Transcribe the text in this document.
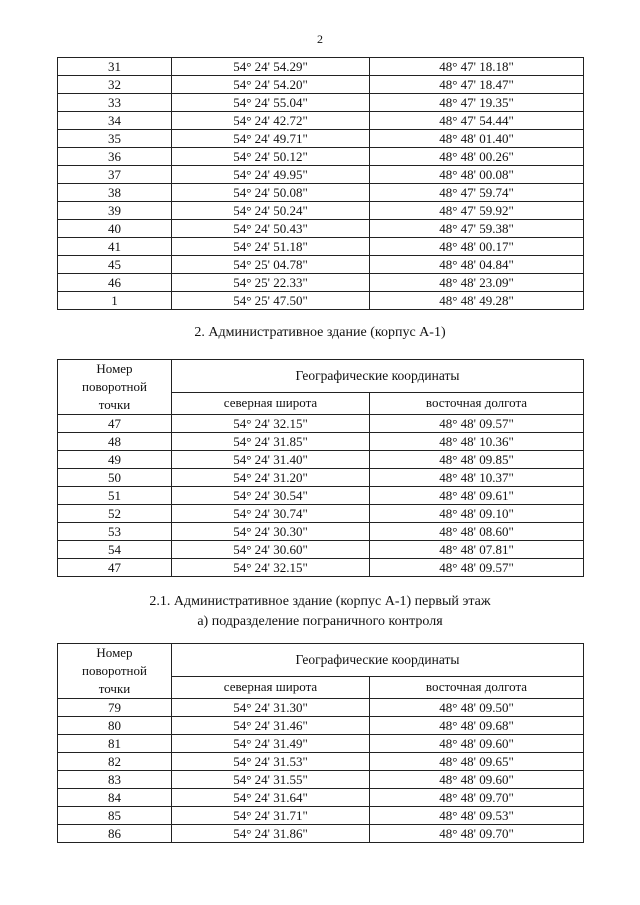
2
31	54° 24' 54.29"	48° 47' 18.18"
32	54° 24' 54.20"	48° 47' 18.47"
33	54° 24' 55.04"	48° 47' 19.35"
34	54° 24' 42.72"	48° 47' 54.44"
35	54° 24' 49.71"	48° 48' 01.40"
36	54° 24' 50.12"	48° 48' 00.26"
37	54° 24' 49.95"	48° 48' 00.08"
38	54° 24' 50.08"	48° 47' 59.74"
39	54° 24' 50.24"	48° 47' 59.92"
40	54° 24' 50.43"	48° 47' 59.38"
41	54° 24' 51.18"	48° 48' 00.17"
45	54° 25' 04.78"	48° 48' 04.84"
46	54° 25' 22.33"	48° 48' 23.09"
1	54° 25' 47.50"	48° 48' 49.28"
2. Административное здание (корпус А-1)
Номер
поворотной
точки	Географические координаты	
	северная широта	восточная долгота
47	54° 24' 32.15"	48° 48' 09.57"
48	54° 24' 31.85"	48° 48' 10.36"
49	54° 24' 31.40"	48° 48' 09.85"
50	54° 24' 31.20"	48° 48' 10.37"
51	54° 24' 30.54"	48° 48' 09.61"
52	54° 24' 30.74"	48° 48' 09.10"
53	54° 24' 30.30"	48° 48' 08.60"
54	54° 24' 30.60"	48° 48' 07.81"
47	54° 24' 32.15"	48° 48' 09.57"
2.1. Административное здание (корпус А-1) первый этаж
а) подразделение пограничного контроля
Номер
поворотной
точки	Географические координаты	
	северная широта	восточная долгота
79	54° 24' 31.30"	48° 48' 09.50"
80	54° 24' 31.46"	48° 48' 09.68"
81	54° 24' 31.49"	48° 48' 09.60"
82	54° 24' 31.53"	48° 48' 09.65"
83	54° 24' 31.55"	48° 48' 09.60"
84	54° 24' 31.64"	48° 48' 09.70"
85	54° 24' 31.71"	48° 48' 09.53"
86	54° 24' 31.86"	48° 48' 09.70"
